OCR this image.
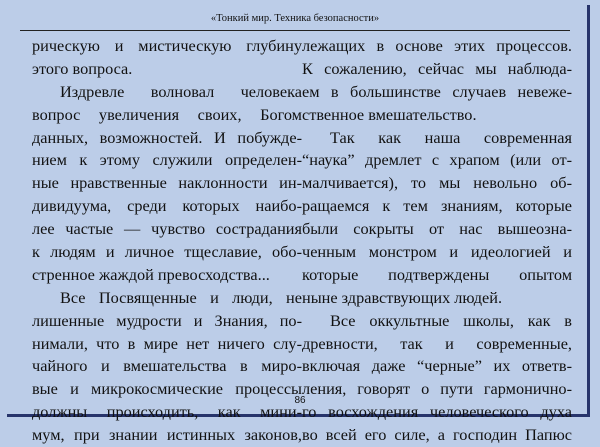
«Тонкий мир. Техника безопасности»
рическую и мистическую глубину
этого вопроса.
Издревле волновал человека
вопрос увеличения своих, Богом
данных, возможностей. И побужде-
нием к этому служили определен-
ные нравственные наклонности ин-
дивидуума, среди которых наибо-
лее частые — чувство сострадания
к людям и личное тщеславие, обо-
стренное жаждой превосходства...
Все Посвященные и люди, не
лишенные мудрости и Знания, по-
нимали, что в мире нет ничего слу-
чайного и вмешательства в миро-
вые и микрокосмические процессы
должны происходить, как мини-
мум, при знании истинных законов,
лежащих в основе этих процессов.
К сожалению, сейчас мы наблюда-
ем в большинстве случаев невеже-
ственное вмешательство.
Так как наша современная
“наука” дремлет с храпом (или от-
малчивается), то мы невольно об-
ращаемся к тем знаниям, которые
были сокрыты от нас вышеозна-
ченным монстром и идеологией и
которые подтверждены опытом
ныне здравствующих людей.
Все оккультные школы, как в
древности, так и современные,
включая даже “черные” их ответв-
ления, говорят о пути гармонично-
го восхождения человеческого духа
во всей его силе, а господин Папюс
86
